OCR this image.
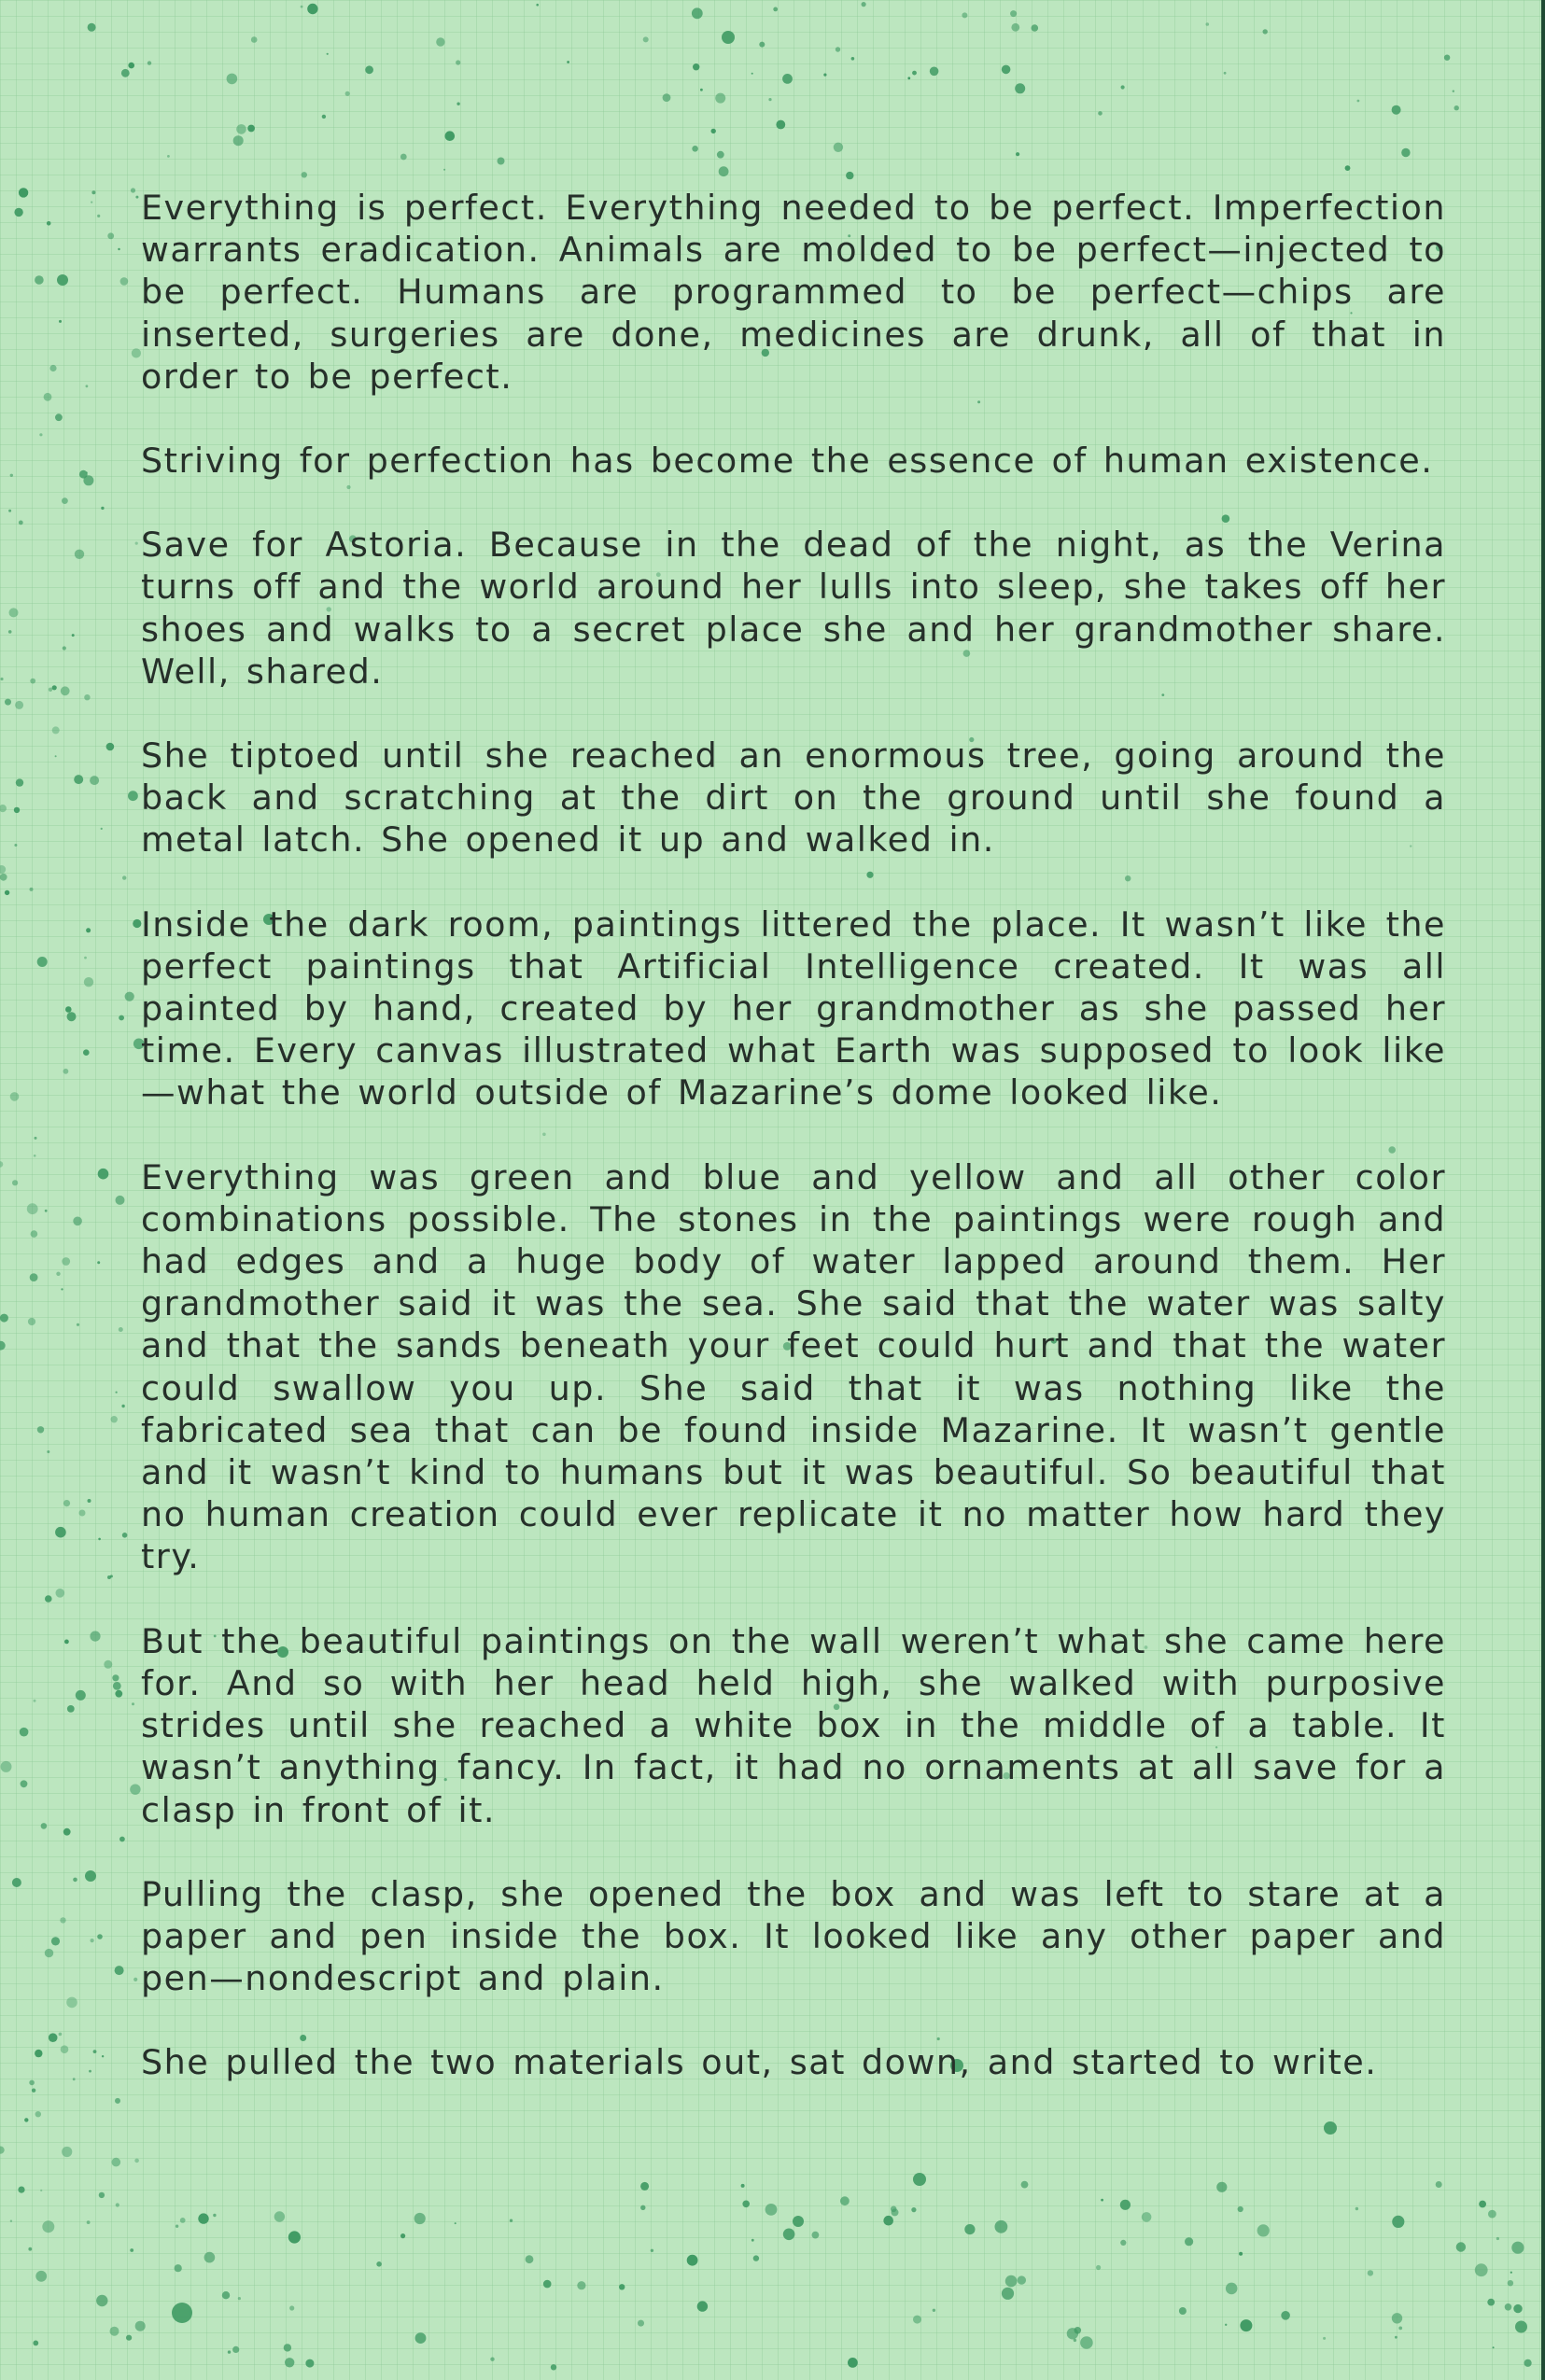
Everything is perfect. Everything needed to be perfect. Imperfection warrants eradication. Animals are molded to be perfect—injected to be perfect. Humans are programmed to be perfect—chips are inserted, surgeries are done, medicines are drunk, all of that in order to be perfect.

Striving for perfection has become the essence of human existence.

Save for Astoria. Because in the dead of the night, as the Verina turns off and the world around her lulls into sleep, she takes off her shoes and walks to a secret place she and her grandmother share. Well, shared.

She tiptoed until she reached an enormous tree, going around the back and scratching at the dirt on the ground until she found a metal latch. She opened it up and walked in.

Inside the dark room, paintings littered the place. It wasn’t like the perfect paintings that Artificial Intelligence created. It was all painted by hand, created by her grandmother as she passed her time. Every canvas illustrated what Earth was supposed to look like—what the world outside of Mazarine’s dome looked like.

Everything was green and blue and yellow and all other color combinations possible. The stones in the paintings were rough and had edges and a huge body of water lapped around them. Her grandmother said it was the sea. She said that the water was salty and that the sands beneath your feet could hurt and that the water could swallow you up. She said that it was nothing like the fabricated sea that can be found inside Mazarine. It wasn’t gentle and it wasn’t kind to humans but it was beautiful. So beautiful that no human creation could ever replicate it no matter how hard they try.

But the beautiful paintings on the wall weren’t what she came here for. And so with her head held high, she walked with purposive strides until she reached a white box in the middle of a table. It wasn’t anything fancy. In fact, it had no ornaments at all save for a clasp in front of it.

Pulling the clasp, she opened the box and was left to stare at a paper and pen inside the box. It looked like any other paper and pen—nondescript and plain.

She pulled the two materials out, sat down, and started to write.
